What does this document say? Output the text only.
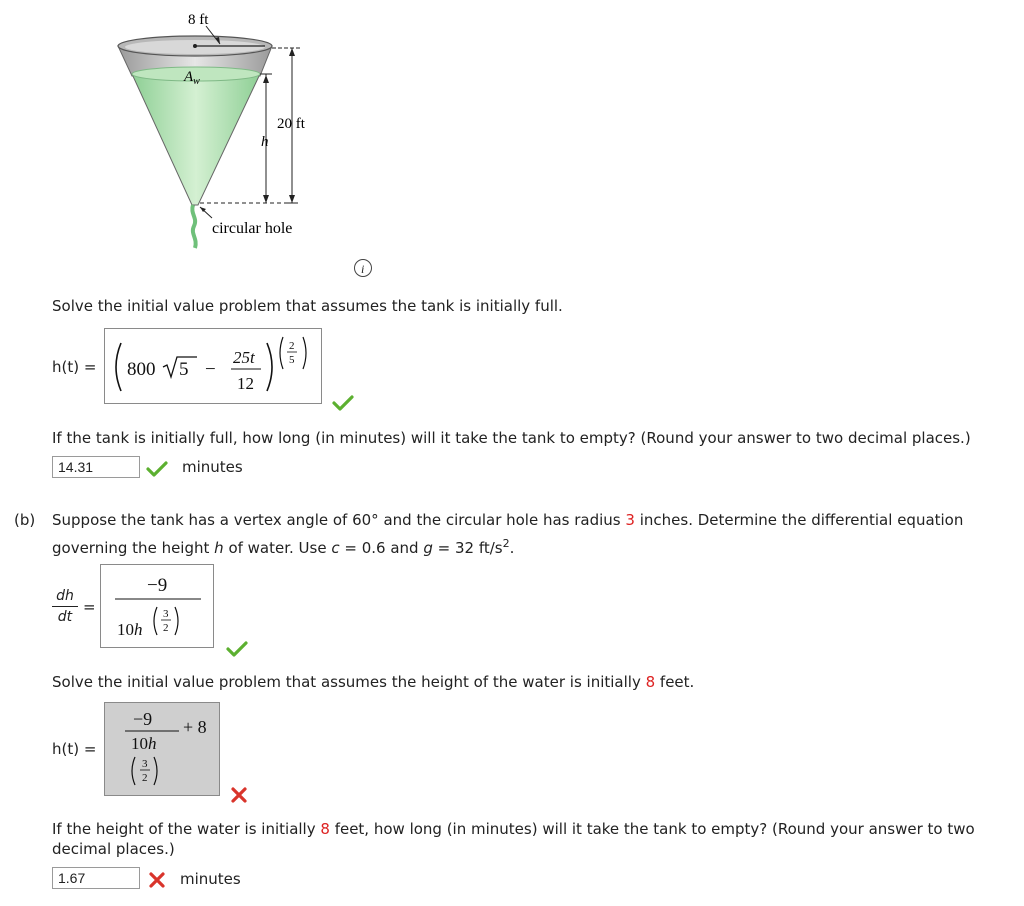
8 ft
$A_w$
20 ft
h
circular hole
i
Solve the initial value problem that assumes the tank is initially full.
h(t) = 800 5 −
25t
12
2
5
If the tank is initially full, how long (in minutes) will it take the tank to empty? (Round your answer to two decimal places.)
14.31
minutes
(b) Suppose the tank has a vertex angle of 60° and the circular hole has radius 3 inches. Determine the differential equation
governing the height h of water. Use c = 0.6 and g = 32 $ft/s^2$.
dh
dt
=
−9
10h
3
2
Solve the initial value problem that assumes the height of the water is initially 8 feet.
h(t) =
−9
10h
3
2
+ 8
If the height of the water is initially 8 feet, how long (in minutes) will it take the tank to empty? (Round your answer to two
decimal places.)
1.67
minutes
